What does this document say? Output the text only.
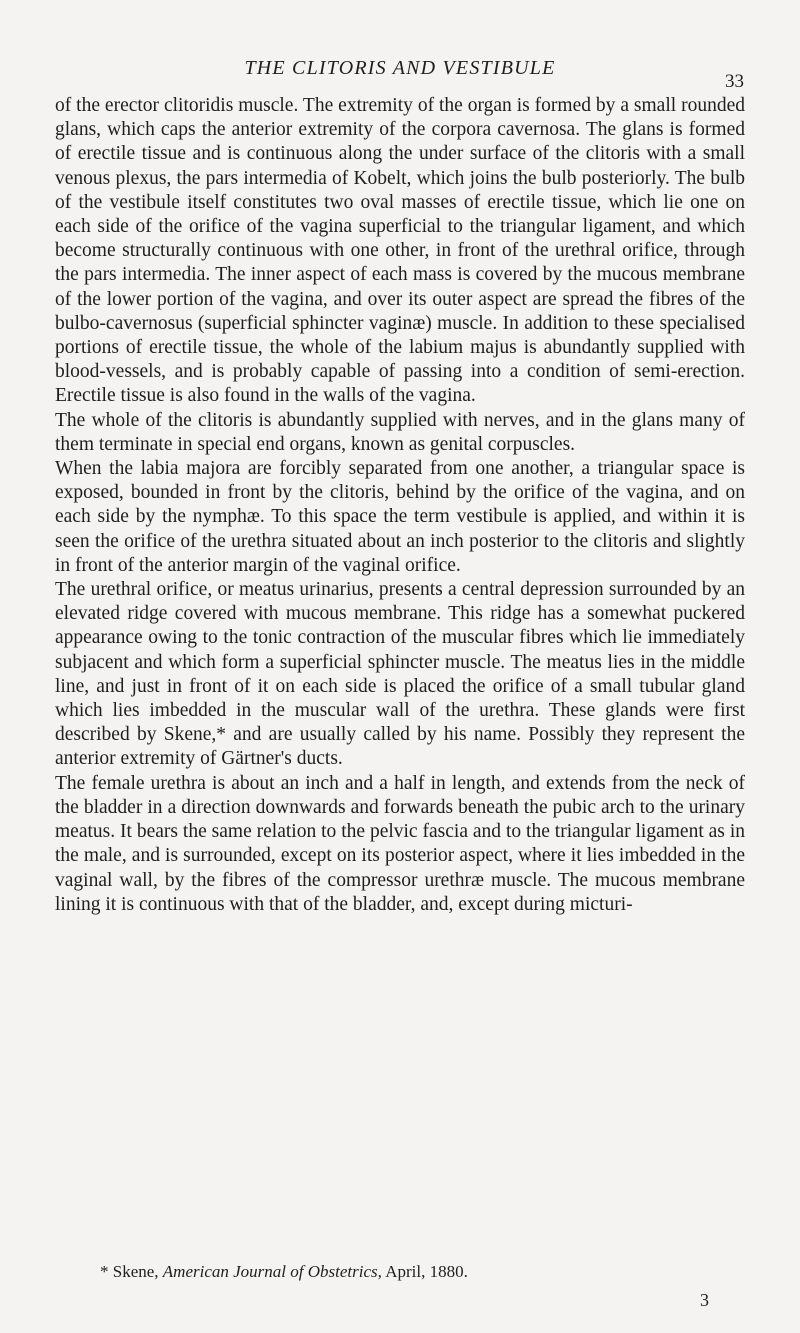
THE CLITORIS AND VESTIBULE
33

of the erector clitoridis muscle. The extremity of the organ is formed by a small rounded glans, which caps the anterior extremity of the corpora cavernosa. The glans is formed of erectile tissue and is continuous along the under surface of the clitoris with a small venous plexus, the pars intermedia of Kobelt, which joins the bulb posteriorly. The bulb of the vestibule itself constitutes two oval masses of erectile tissue, which lie one on each side of the orifice of the vagina superficial to the triangular ligament, and which become structurally continuous with one other, in front of the urethral orifice, through the pars intermedia. The inner aspect of each mass is covered by the mucous membrane of the lower portion of the vagina, and over its outer aspect are spread the fibres of the bulbo-cavernosus (superficial sphincter vaginæ) muscle. In addition to these specialised portions of erectile tissue, the whole of the labium majus is abundantly supplied with blood-vessels, and is probably capable of passing into a condition of semi-erection. Erectile tissue is also found in the walls of the vagina.

The whole of the clitoris is abundantly supplied with nerves, and in the glans many of them terminate in special end organs, known as genital corpuscles.

When the labia majora are forcibly separated from one another, a triangular space is exposed, bounded in front by the clitoris, behind by the orifice of the vagina, and on each side by the nymphæ. To this space the term vestibule is applied, and within it is seen the orifice of the urethra situated about an inch posterior to the clitoris and slightly in front of the anterior margin of the vaginal orifice.

The urethral orifice, or meatus urinarius, presents a central depression surrounded by an elevated ridge covered with mucous membrane. This ridge has a somewhat puckered appearance owing to the tonic contraction of the muscular fibres which lie immediately subjacent and which form a superficial sphincter muscle. The meatus lies in the middle line, and just in front of it on each side is placed the orifice of a small tubular gland which lies imbedded in the muscular wall of the urethra. These glands were first described by Skene,* and are usually called by his name. Possibly they represent the anterior extremity of Gärtner's ducts.

The female urethra is about an inch and a half in length, and extends from the neck of the bladder in a direction downwards and forwards beneath the pubic arch to the urinary meatus. It bears the same relation to the pelvic fascia and to the triangular ligament as in the male, and is surrounded, except on its posterior aspect, where it lies imbedded in the vaginal wall, by the fibres of the compressor urethræ muscle. The mucous membrane lining it is continuous with that of the bladder, and, except during micturi-

* Skene, American Journal of Obstetrics, April, 1880.
3
